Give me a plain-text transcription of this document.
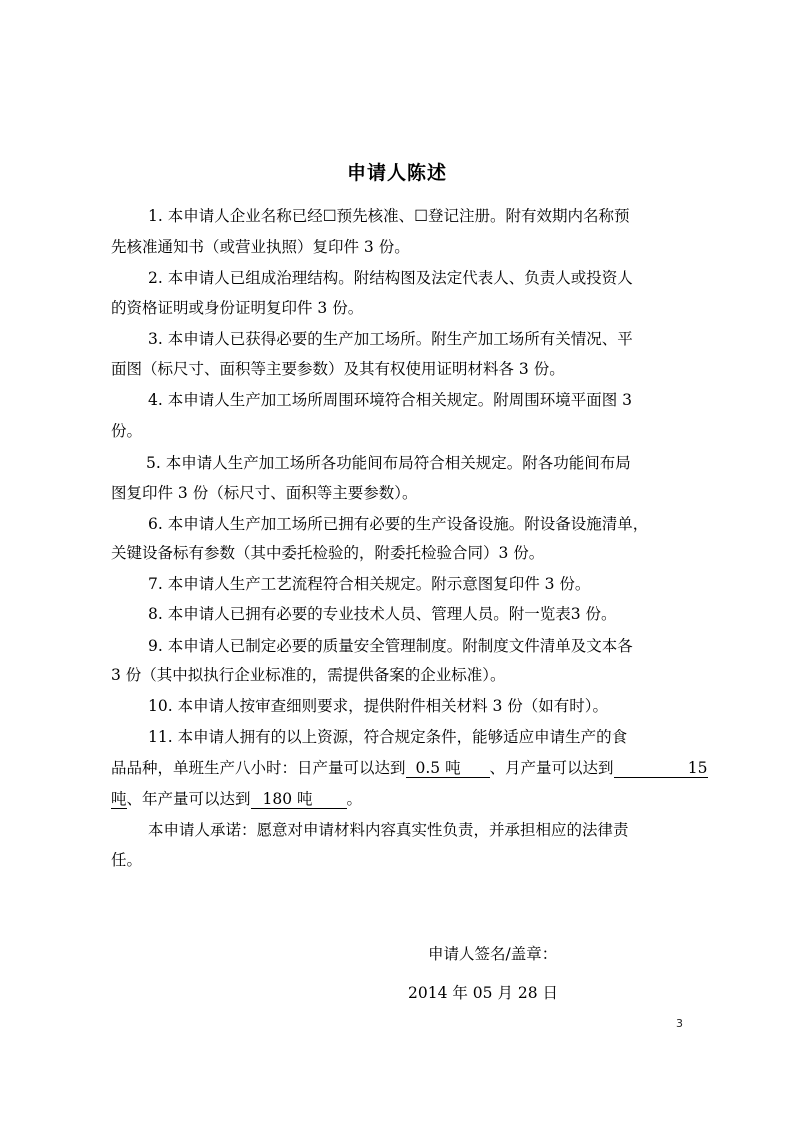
申请人陈述
1. 本申请人企业名称已经☐预先核准、☐登记注册。附有效期内名称预
先核准通知书（或营业执照）复印件 3 份。
2. 本申请人已组成治理结构。附结构图及法定代表人、负责人或投资人
的资格证明或身份证明复印件 3 份。
3. 本申请人已获得必要的生产加工场所。附生产加工场所有关情况、平
面图（标尺寸、面积等主要参数）及其有权使用证明材料各 3 份。
4. 本申请人生产加工场所周围环境符合相关规定。附周围环境平面图 3
份。
5. 本申请人生产加工场所各功能间布局符合相关规定。附各功能间布局
图复印件 3 份（标尺寸、面积等主要参数）。
6. 本申请人生产加工场所已拥有必要的生产设备设施。附设备设施清单，
关键设备标有参数（其中委托检验的，附委托检验合同）3 份。
7. 本申请人生产工艺流程符合相关规定。附示意图复印件 3 份。
8. 本申请人已拥有必要的专业技术人员、管理人员。附一览表3 份。
9. 本申请人已制定必要的质量安全管理制度。附制度文件清单及文本各
3 份（其中拟执行企业标准的，需提供备案的企业标准）。
10. 本申请人按审查细则要求，提供附件相关材料 3 份（如有时）。
11. 本申请人拥有的以上资源，符合规定条件，能够适应申请生产的食
品品种，单班生产八小时：日产量可以达到 0.5 吨 、月产量可以达到	15
吨、年产量可以达到 180 吨 。
本申请人承诺：愿意对申请材料内容真实性负责，并承担相应的法律责
任。
申请人签名/盖章：
2014 年 05 月 28 日
3
